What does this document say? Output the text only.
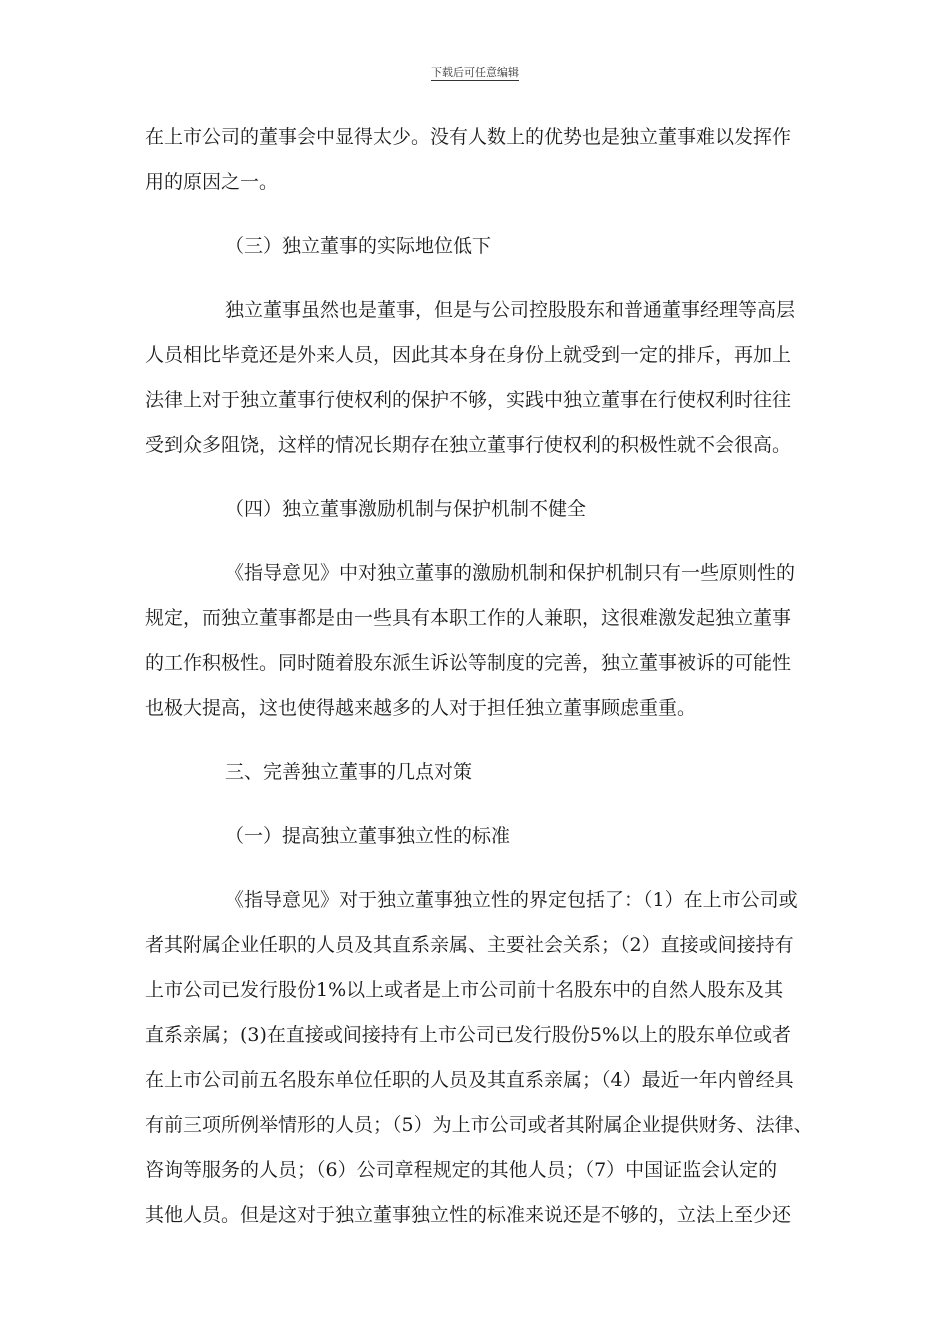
下载后可任意编辑
在上市公司的董事会中显得太少。没有人数上的优势也是独立董事难以发挥作
用的原因之一。
（三）独立董事的实际地位低下
独立董事虽然也是董事，但是与公司控股股东和普通董事经理等高层
人员相比毕竟还是外来人员，因此其本身在身份上就受到一定的排斥，再加上
法律上对于独立董事行使权利的保护不够，实践中独立董事在行使权利时往往
受到众多阻饶，这样的情况长期存在独立董事行使权利的积极性就不会很高。
（四）独立董事激励机制与保护机制不健全
《指导意见》中对独立董事的激励机制和保护机制只有一些原则性的
规定，而独立董事都是由一些具有本职工作的人兼职，这很难激发起独立董事
的工作积极性。同时随着股东派生诉讼等制度的完善，独立董事被诉的可能性
也极大提高，这也使得越来越多的人对于担任独立董事顾虑重重。
三、完善独立董事的几点对策
（一）提高独立董事独立性的标准
《指导意见》对于独立董事独立性的界定包括了：（1）在上市公司或
者其附属企业任职的人员及其直系亲属、主要社会关系；（2）直接或间接持有
上市公司已发行股份1%以上或者是上市公司前十名股东中的自然人股东及其
直系亲属；(3)在直接或间接持有上市公司已发行股份5%以上的股东单位或者
在上市公司前五名股东单位任职的人员及其直系亲属；（4）最近一年内曾经具
有前三项所例举情形的人员；（5）为上市公司或者其附属企业提供财务、法律、
咨询等服务的人员；（6）公司章程规定的其他人员；（7）中国证监会认定的
其他人员。但是这对于独立董事独立性的标准来说还是不够的，立法上至少还
